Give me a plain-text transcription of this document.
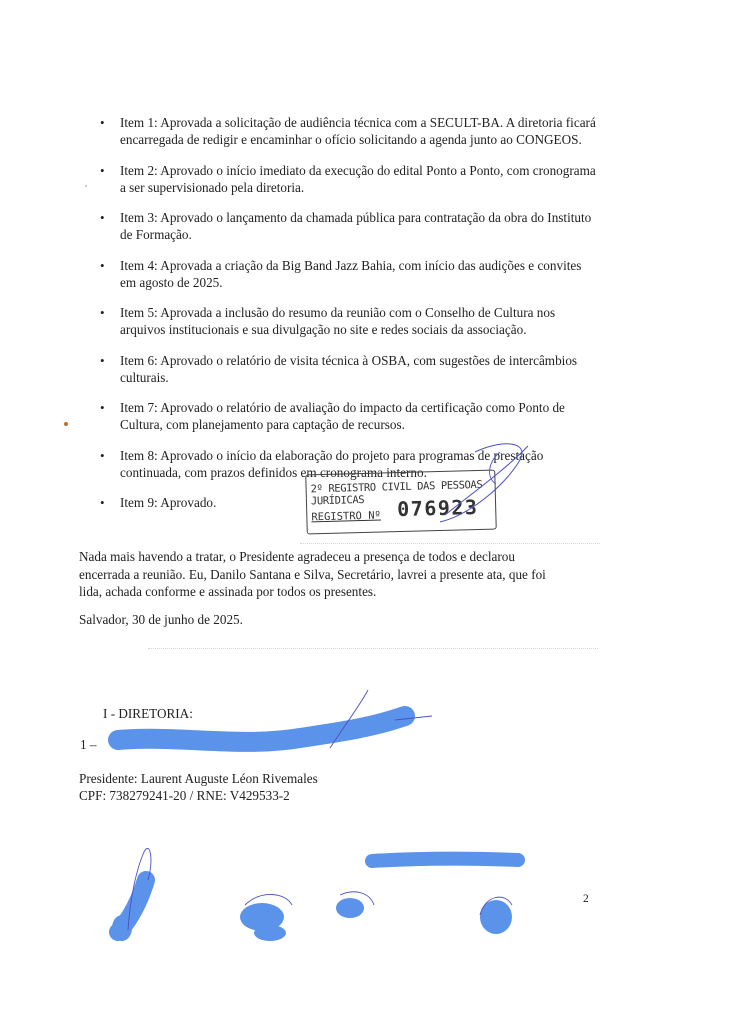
• Item 1: Aprovada a solicitação de audiência técnica com a SECULT-BA. A diretoria ficará encarregada de redigir e encaminhar o ofício solicitando a agenda junto ao CONGEOS.
• Item 2: Aprovado o início imediato da execução do edital Ponto a Ponto, com cronograma a ser supervisionado pela diretoria.
• Item 3: Aprovado o lançamento da chamada pública para contratação da obra do Instituto de Formação.
• Item 4: Aprovada a criação da Big Band Jazz Bahia, com início das audições e convites em agosto de 2025.
• Item 5: Aprovada a inclusão do resumo da reunião com o Conselho de Cultura nos arquivos institucionais e sua divulgação no site e redes sociais da associação.
• Item 6: Aprovado o relatório de visita técnica à OSBA, com sugestões de intercâmbios culturais.
• Item 7: Aprovado o relatório de avaliação do impacto da certificação como Ponto de Cultura, com planejamento para captação de recursos.
• Item 8: Aprovado o início da elaboração do projeto para programas de prestação continuada, com prazos definidos em cronograma interno.
• Item 9: Aprovado.
2º REGISTRO CIVIL DAS PESSOAS JURÍDICAS
REGISTRO Nº 076923

Nada mais havendo a tratar, o Presidente agradeceu a presença de todos e declarou encerrada a reunião. Eu, Danilo Santana e Silva, Secretário, lavrei a presente ata, que foi lida, achada conforme e assinada por todos os presentes.

Salvador, 30 de junho de 2025.

I - DIRETORIA:
1 –
Presidente: Laurent Auguste Léon Rivemales
CPF: 738279241-20 / RNE: V429533-2
2
